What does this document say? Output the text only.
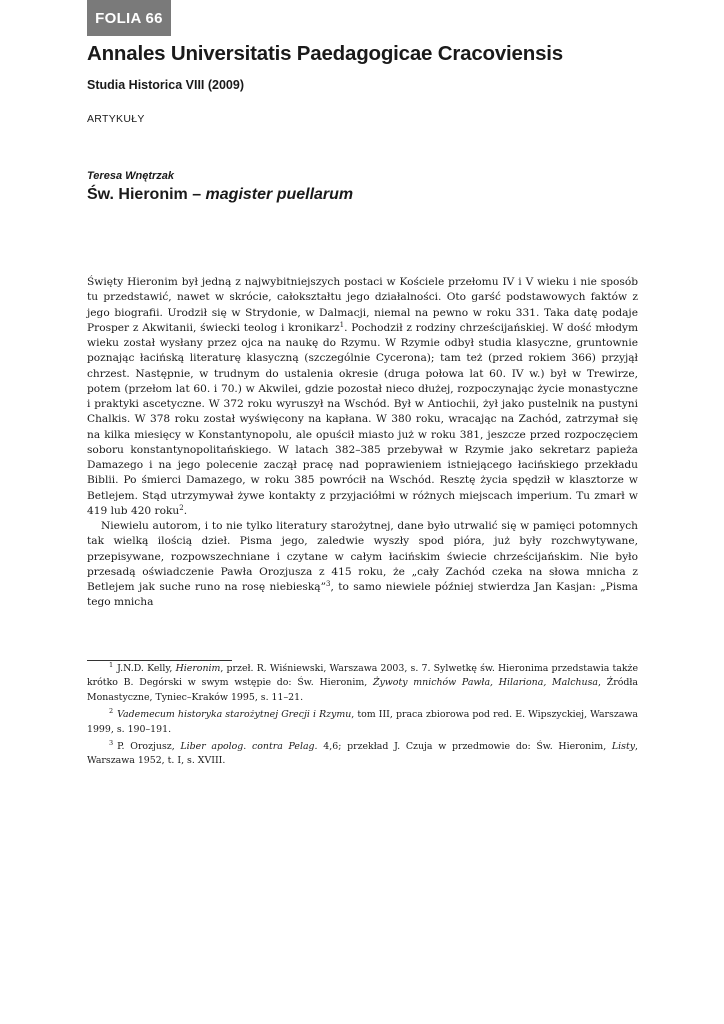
FOLIA 66
Annales Universitatis Paedagogicae Cracoviensis
Studia Historica VIII (2009)
ARTYKUŁY
Teresa Wnętrzak
Św. Hieronim – magister puellarum

Święty Hieronim był jedną z najwybitniejszych postaci w Kościele przełomu IV i V wieku i nie sposób tu przedstawić, nawet w skrócie, całokształtu jego działalności. Oto garść podstawowych faktów z jego biografii. Urodził się w Strydonie, w Dalmacji, niemal na pewno w roku 331. Taka datę podaje Prosper z Akwitanii, świecki teolog i kronikarz$^1$. Pochodził z rodziny chrześcijańskiej. W dość młodym wieku został wysłany przez ojca na naukę do Rzymu. W Rzymie odbył studia klasyczne, gruntownie poznając łacińską literaturę klasyczną (szczególnie Cycerona); tam też (przed rokiem 366) przyjął chrzest. Następnie, w trudnym do ustalenia okresie (druga połowa lat 60. IV w.) był w Trewirze, potem (przełom lat 60. i 70.) w Akwilei, gdzie pozostał nieco dłużej, rozpoczynając życie monastyczne i praktyki ascetyczne. W 372 roku wyruszył na Wschód. Był w Antiochii, żył jako pustelnik na pustyni Chalkis. W 378 roku został wyświęcony na kapłana. W 380 roku, wracając na Zachód, zatrzymał się na kilka miesięcy w Konstantynopolu, ale opuścił miasto już w roku 381, jeszcze przed rozpoczęciem soboru konstantynopolitańskiego. W latach 382–385 przebywał w Rzymie jako sekretarz papieża Damazego i na jego polecenie zaczął pracę nad poprawieniem istniejącego łacińskiego przekładu Biblii. Po śmierci Damazego, w roku 385 powrócił na Wschód. Resztę życia spędził w klasztorze w Betlejem. Stąd utrzymywał żywe kontakty z przyjaciółmi w różnych miejscach imperium. Tu zmarł w 419 lub 420 roku$^2$.

Niewielu autorom, i to nie tylko literatury starożytnej, dane było utrwalić się w pamięci potomnych tak wielką ilością dzieł. Pisma jego, zaledwie wyszły spod pióra, już były rozchwytywane, przepisywane, rozpowszechniane i czytane w całym łacińskim świecie chrześcijańskim. Nie było przesadą oświadczenie Pawła Orozjusza z 415 roku, że „cały Zachód czeka na słowa mnicha z Betlejem jak suche runo na rosę niebieską”$^3$, to samo niewiele później stwierdza Jan Kasjan: „Pisma tego mnicha

$^1$ J.N.D. Kelly, Hieronim, przeł. R. Wiśniewski, Warszawa 2003, s. 7. Sylwetkę św. Hieronima przedstawia także krótko B. Degórski w swym wstępie do: Św. Hieronim, Żywoty mnichów Pawła, Hilariona, Malchusa, Źródła Monastyczne, Tyniec–Kraków 1995, s. 11–21.

$^2$ Vademecum historyka starożytnej Grecji i Rzymu, tom III, praca zbiorowa pod red. E. Wipszyckiej, Warszawa 1999, s. 190–191.

$^3$ P. Orozjusz, Liber apolog. contra Pelag. 4,6; przekład J. Czuja w przedmowie do: Św. Hieronim, Listy, Warszawa 1952, t. I, s. XVIII.
